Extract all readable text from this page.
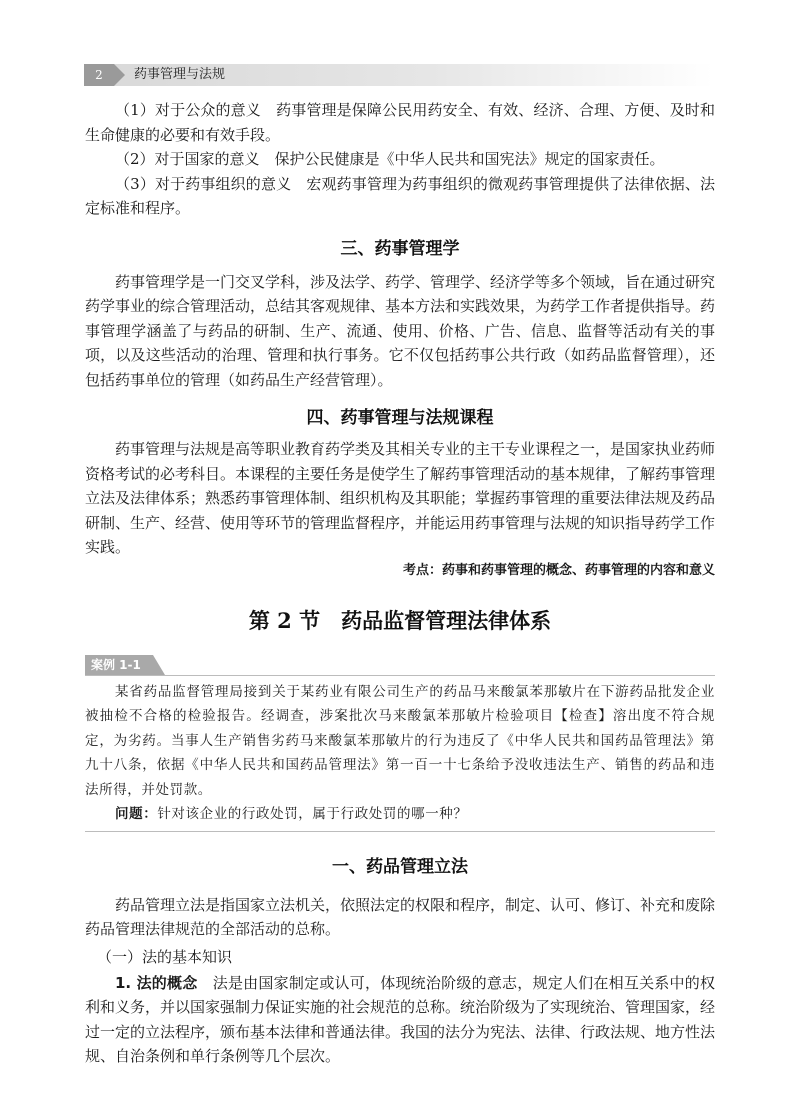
2	药事管理与法规

（1）对于公众的意义　药事管理是保障公民用药安全、有效、经济、合理、方便、及时和生命健康的必要和有效手段。

（2）对于国家的意义　保护公民健康是《中华人民共和国宪法》规定的国家责任。

（3）对于药事组织的意义　宏观药事管理为药事组织的微观药事管理提供了法律依据、法定标准和程序。

三、药事管理学

药事管理学是一门交叉学科，涉及法学、药学、管理学、经济学等多个领域，旨在通过研究药学事业的综合管理活动，总结其客观规律、基本方法和实践效果，为药学工作者提供指导。药事管理学涵盖了与药品的研制、生产、流通、使用、价格、广告、信息、监督等活动有关的事项，以及这些活动的治理、管理和执行事务。它不仅包括药事公共行政（如药品监督管理），还包括药事单位的管理（如药品生产经营管理）。

四、药事管理与法规课程

药事管理与法规是高等职业教育药学类及其相关专业的主干专业课程之一，是国家执业药师资格考试的必考科目。本课程的主要任务是使学生了解药事管理活动的基本规律，了解药事管理立法及法律体系；熟悉药事管理体制、组织机构及其职能；掌握药事管理的重要法律法规及药品研制、生产、经营、使用等环节的管理监督程序，并能运用药事管理与法规的知识指导药学工作实践。

考点：药事和药事管理的概念、药事管理的内容和意义
第 2 节　药品监督管理法律体系
案例 1-1

某省药品监督管理局接到关于某药业有限公司生产的药品马来酸氯苯那敏片在下游药品批发企业被抽检不合格的检验报告。经调查，涉案批次马来酸氯苯那敏片检验项目【检查】溶出度不符合规定，为劣药。当事人生产销售劣药马来酸氯苯那敏片的行为违反了《中华人民共和国药品管理法》第九十八条，依据《中华人民共和国药品管理法》第一百一十七条给予没收违法生产、销售的药品和违法所得，并处罚款。

问题：针对该企业的行政处罚，属于行政处罚的哪一种？

一、药品管理立法

药品管理立法是指国家立法机关，依照法定的权限和程序，制定、认可、修订、补充和废除药品管理法律规范的全部活动的总称。

（一）法的基本知识

1. 法的概念　法是由国家制定或认可，体现统治阶级的意志，规定人们在相互关系中的权利和义务，并以国家强制力保证实施的社会规范的总称。统治阶级为了实现统治、管理国家，经过一定的立法程序，颁布基本法律和普通法律。我国的法分为宪法、法律、行政法规、地方性法规、自治条例和单行条例等几个层次。
